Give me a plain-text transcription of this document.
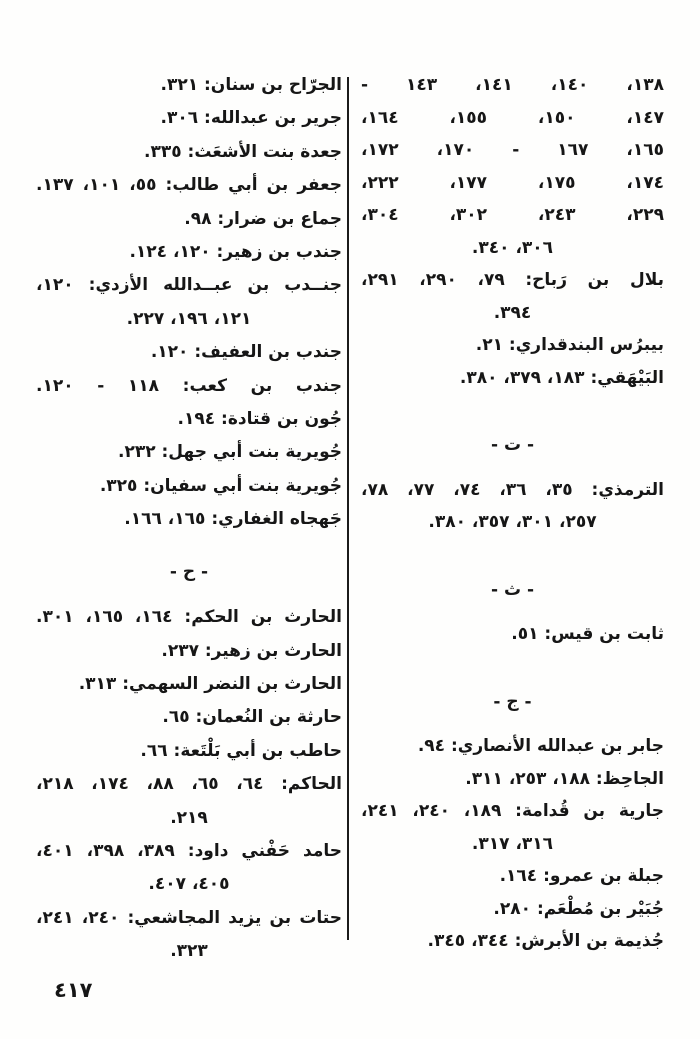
١٣٨، ١٤٠، ١٤١، ١٤٣ -
١٤٧، ١٥٠، ١٥٥، ١٦٤،
١٦٥، ١٦٧ - ١٧٠، ١٧٢،
١٧٤، ١٧٥، ١٧٧، ٢٢٢،
٢٢٩، ٢٤٣، ٣٠٢، ٣٠٤،
٣٠٦، ٣٤٠.
بلال بن رَباح: ٧٩، ٢٩٠، ٢٩١،
٣٩٤.
بيبرُس البندقداري: ٢١.
البَيْهَقي: ١٨٣، ٣٧٩، ٣٨٠.
- ت -
الترمذي: ٣٥، ٣٦، ٧٤، ٧٧، ٧٨،
٢٥٧، ٣٠١، ٣٥٧، ٣٨٠.
- ث -
ثابت بن قيس: ٥١.
- ج -
جابر بن عبدالله الأنصاري: ٩٤.
الجاحِظ: ١٨٨، ٢٥٣، ٣١١.
جارية بن قُدامة: ١٨٩، ٢٤٠، ٢٤١،
٣١٦، ٣١٧.
جبلة بن عمرو: ١٦٤.
جُبَيْر بن مُطْعَم: ٢٨٠.
جُذيمة بن الأبرش: ٣٤٤، ٣٤٥.
الجرّاح بن سنان: ٣٢١.
جرير بن عبدالله: ٣٠٦.
جعدة بنت الأشعَث: ٣٣٥.
جعفر بن أبي طالب: ٥٥، ١٠١، ١٣٧.
جماع بن ضرار: ٩٨.
جندب بن زهير: ١٢٠، ١٢٤.
جنــدب بن عبــدالله الأزدي: ١٢٠،
١٢١، ١٩٦، ٢٢٧.
جندب بن العفيف: ١٢٠.
جندب بن كعب: ١١٨ - ١٢٠.
جُون بن قتادة: ١٩٤.
جُويرية بنت أبي جهل: ٢٣٢.
جُويرية بنت أبي سفيان: ٣٢٥.
جَهجاه الغفاري: ١٦٥، ١٦٦.
- ح -
الحارث بن الحكم: ١٦٤، ١٦٥، ٣٠١.
الحارث بن زهير: ٢٣٧.
الحارث بن النضر السهمي: ٣١٣.
حارثة بن النُعمان: ٦٥.
حاطب بن أبي بَلْتَعة: ٦٦.
الحاكم: ٦٤، ٦٥، ٨٨، ١٧٤، ٢١٨،
٢١٩.
حامد حَفْني داود: ٣٨٩، ٣٩٨، ٤٠١،
٤٠٥، ٤٠٧.
حتات بن يزيد المجاشعي: ٢٤٠، ٢٤١،
٣٢٣.
٤١٧
